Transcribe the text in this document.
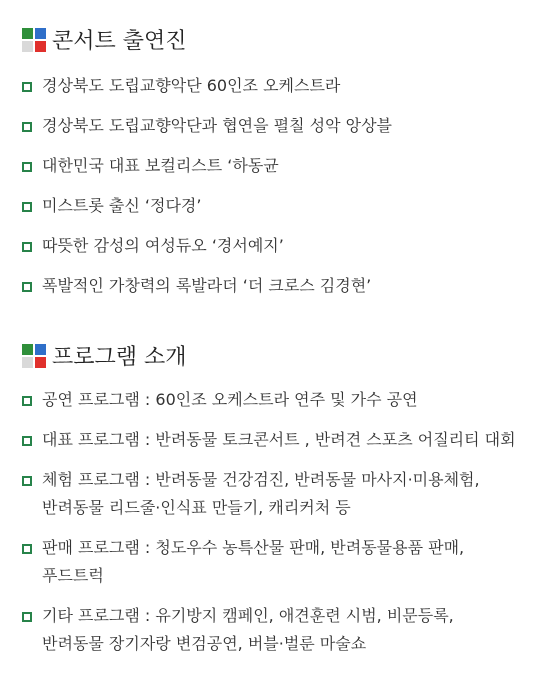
콘서트 출연진
경상북도 도립교향악단 60인조 오케스트라
경상북도 도립교향악단과 협연을 펼칠 성악 앙상블
대한민국 대표 보컬리스트 ‘하동균
미스트롯 출신 ‘정다경’
따뜻한 감성의 여성듀오 ‘경서예지’
폭발적인 가창력의 록발라더 ‘더 크로스 김경현’
프로그램 소개
공연 프로그램 : 60인조 오케스트라 연주 및 가수 공연
대표 프로그램 : 반려동물 토크콘서트 , 반려견 스포츠 어질리티 대회
체험 프로그램 : 반려동물 건강검진, 반려동물 마사지·미용체험, 반려동물 리드줄·인식표 만들기, 캐리커처 등
판매 프로그램 : 청도우수 농특산물 판매, 반려동물용품 판매, 푸드트럭
기타 프로그램 : 유기방지 캠페인, 애견훈련 시범, 비문등록, 반려동물 장기자랑 변검공연, 버블·벌룬 마술쇼
